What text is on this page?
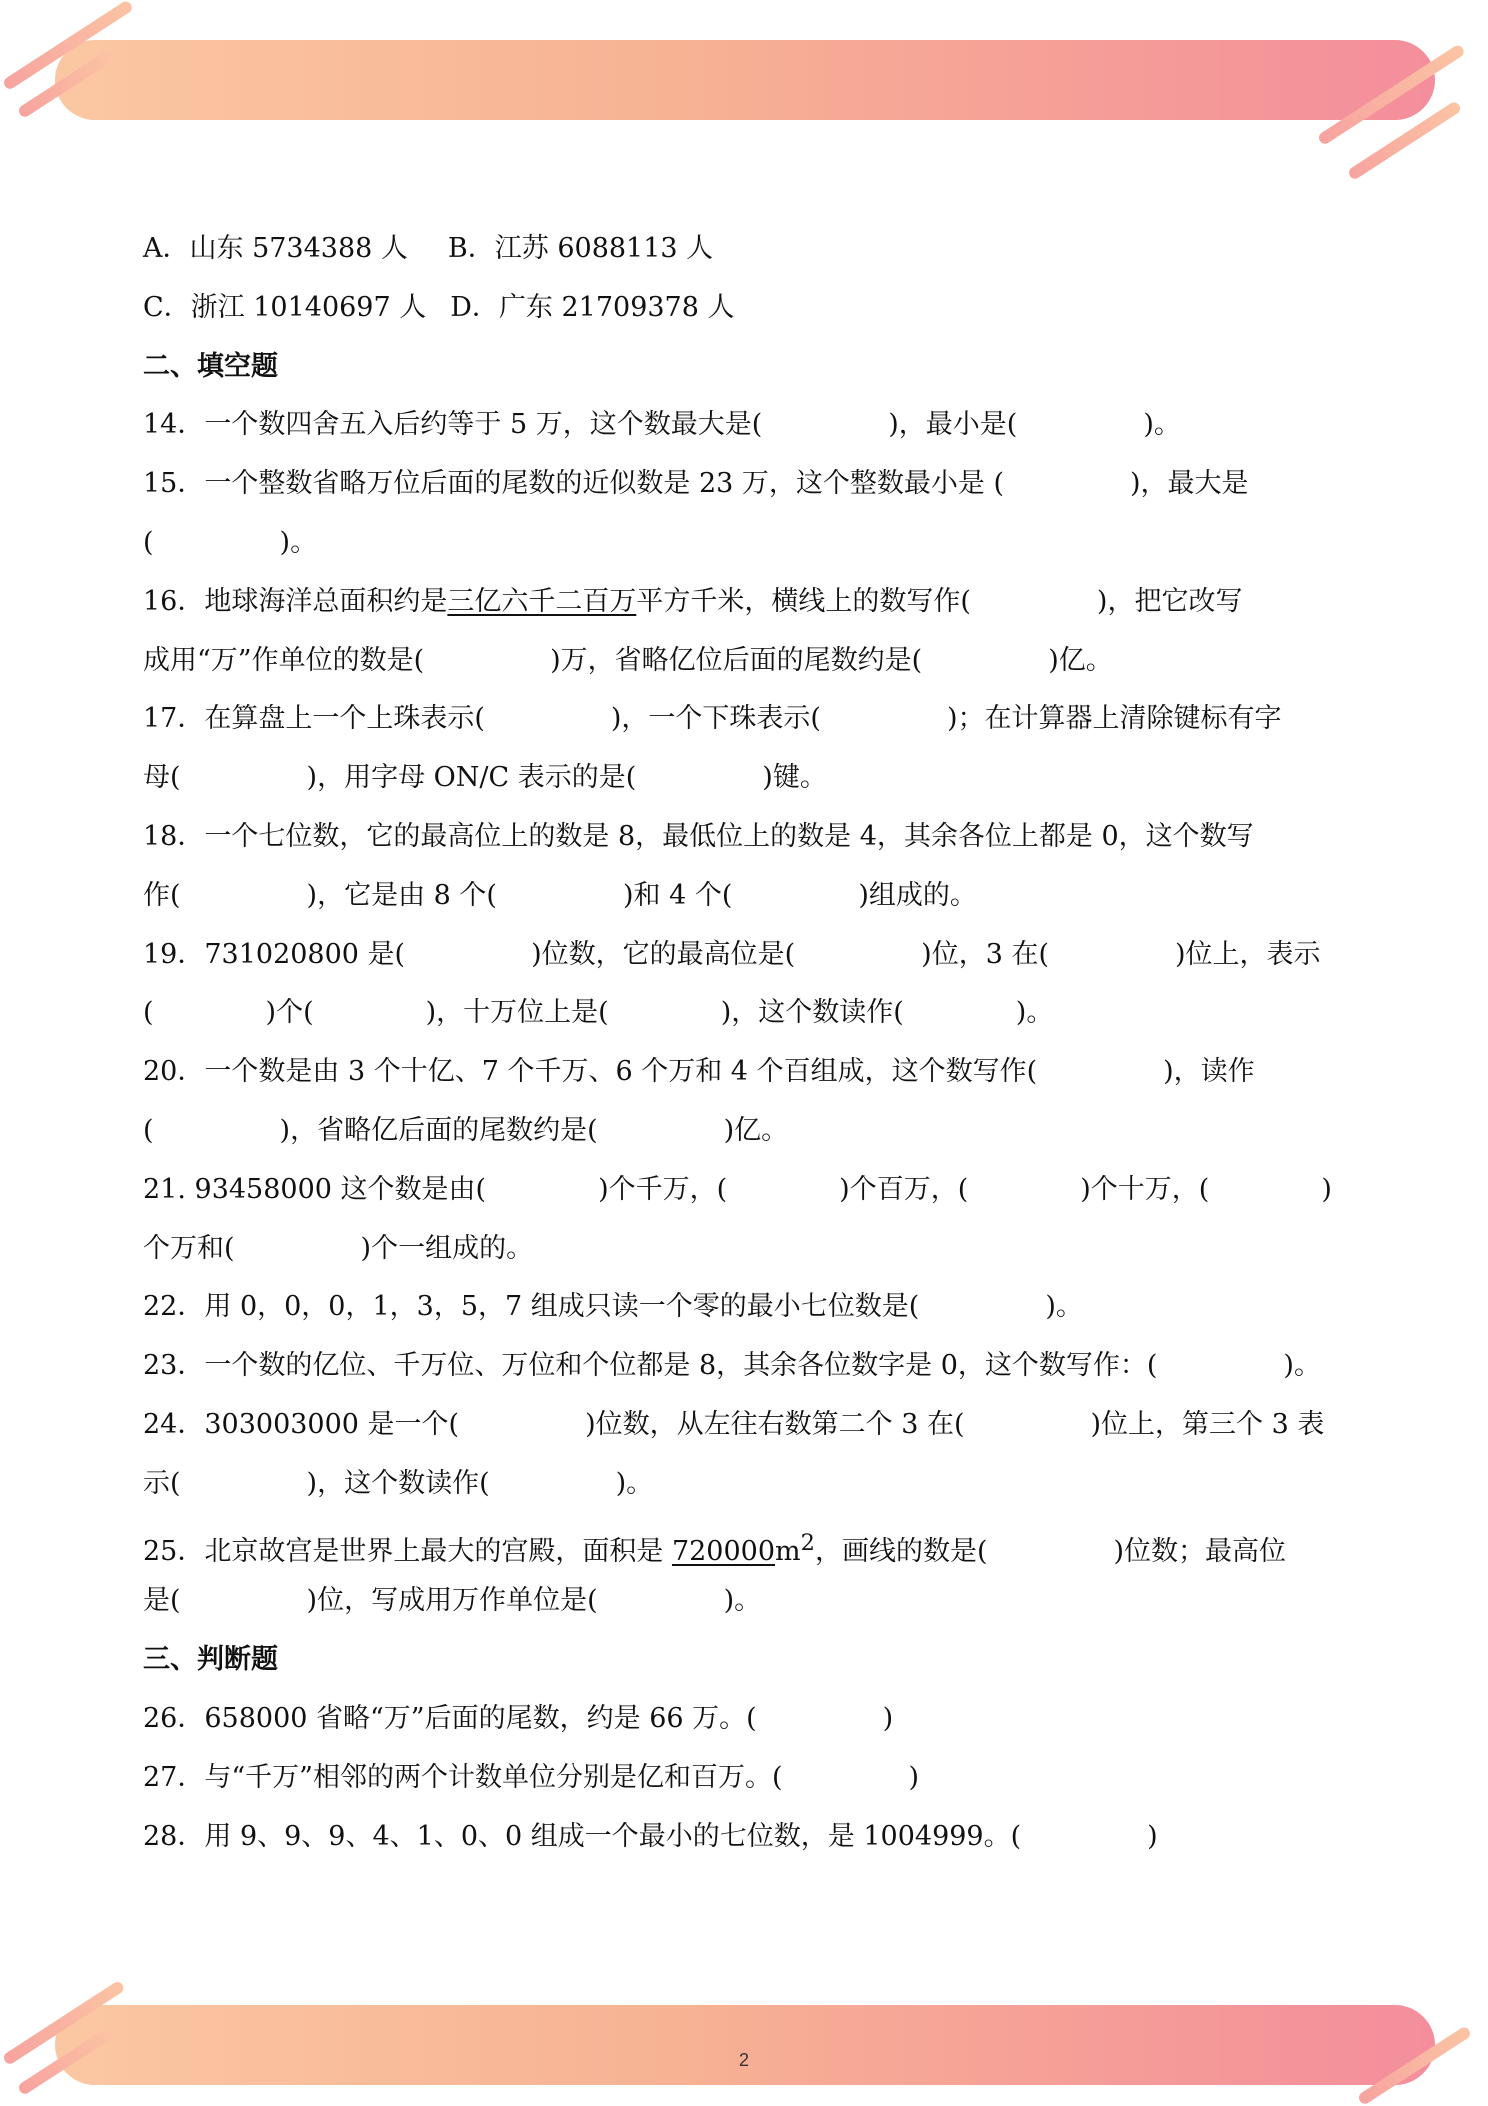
A．山东 5734388 人 B．江苏 6088113 人
C．浙江 10140697 人 D．广东 21709378 人
二、填空题
14．一个数四舍五入后约等于 5 万，这个数最大是(	)，最小是(	)。
15．一个整数省略万位后面的尾数的近似数是 23 万，这个整数最小是 (	)，最大是
(	)。
16．地球海洋总面积约是三亿六千二百万平方千米，横线上的数写作(	)，把它改写
成用“万”作单位的数是(	)万，省略亿位后面的尾数约是(	)亿。
17．在算盘上一个上珠表示(	)，一个下珠表示(	)；在计算器上清除键标有字
母(	)，用字母 ON/C 表示的是(	)键。
18．一个七位数，它的最高位上的数是 8，最低位上的数是 4，其余各位上都是 0，这个数写
作(	)，它是由 8 个(	)和 4 个(	)组成的。
19．731020800 是(	)位数，它的最高位是(	)位，3 在(	)位上，表示
(	)个(	)，十万位上是(	)，这个数读作(	)。
20．一个数是由 3 个十亿、7 个千万、6 个万和 4 个百组成，这个数写作(	)，读作
(	)，省略亿后面的尾数约是(	)亿。
21. 93458000 这个数是由(	)个千万，(	)个百万，(	)个十万，(	)
个万和(	)个一组成的。
22．用 0，0，0，1，3，5，7 组成只读一个零的最小七位数是(	)。
23．一个数的亿位、千万位、万位和个位都是 8，其余各位数字是 0，这个数写作：(	)。
24．303003000 是一个(	)位数，从左往右数第二个 3 在(	)位上，第三个 3 表
示(	)，这个数读作(	)。
25．北京故宫是世界上最大的宫殿，面积是 $720000m^2$，画线的数是(	)位数；最高位
是(	)位，写成用万作单位是(	)。
三、判断题
26．658000 省略“万”后面的尾数，约是 66 万。(	)
27．与“千万”相邻的两个计数单位分别是亿和百万。(	)
28．用 9、9、9、4、1、0、0 组成一个最小的七位数，是 1004999。(	)
2
